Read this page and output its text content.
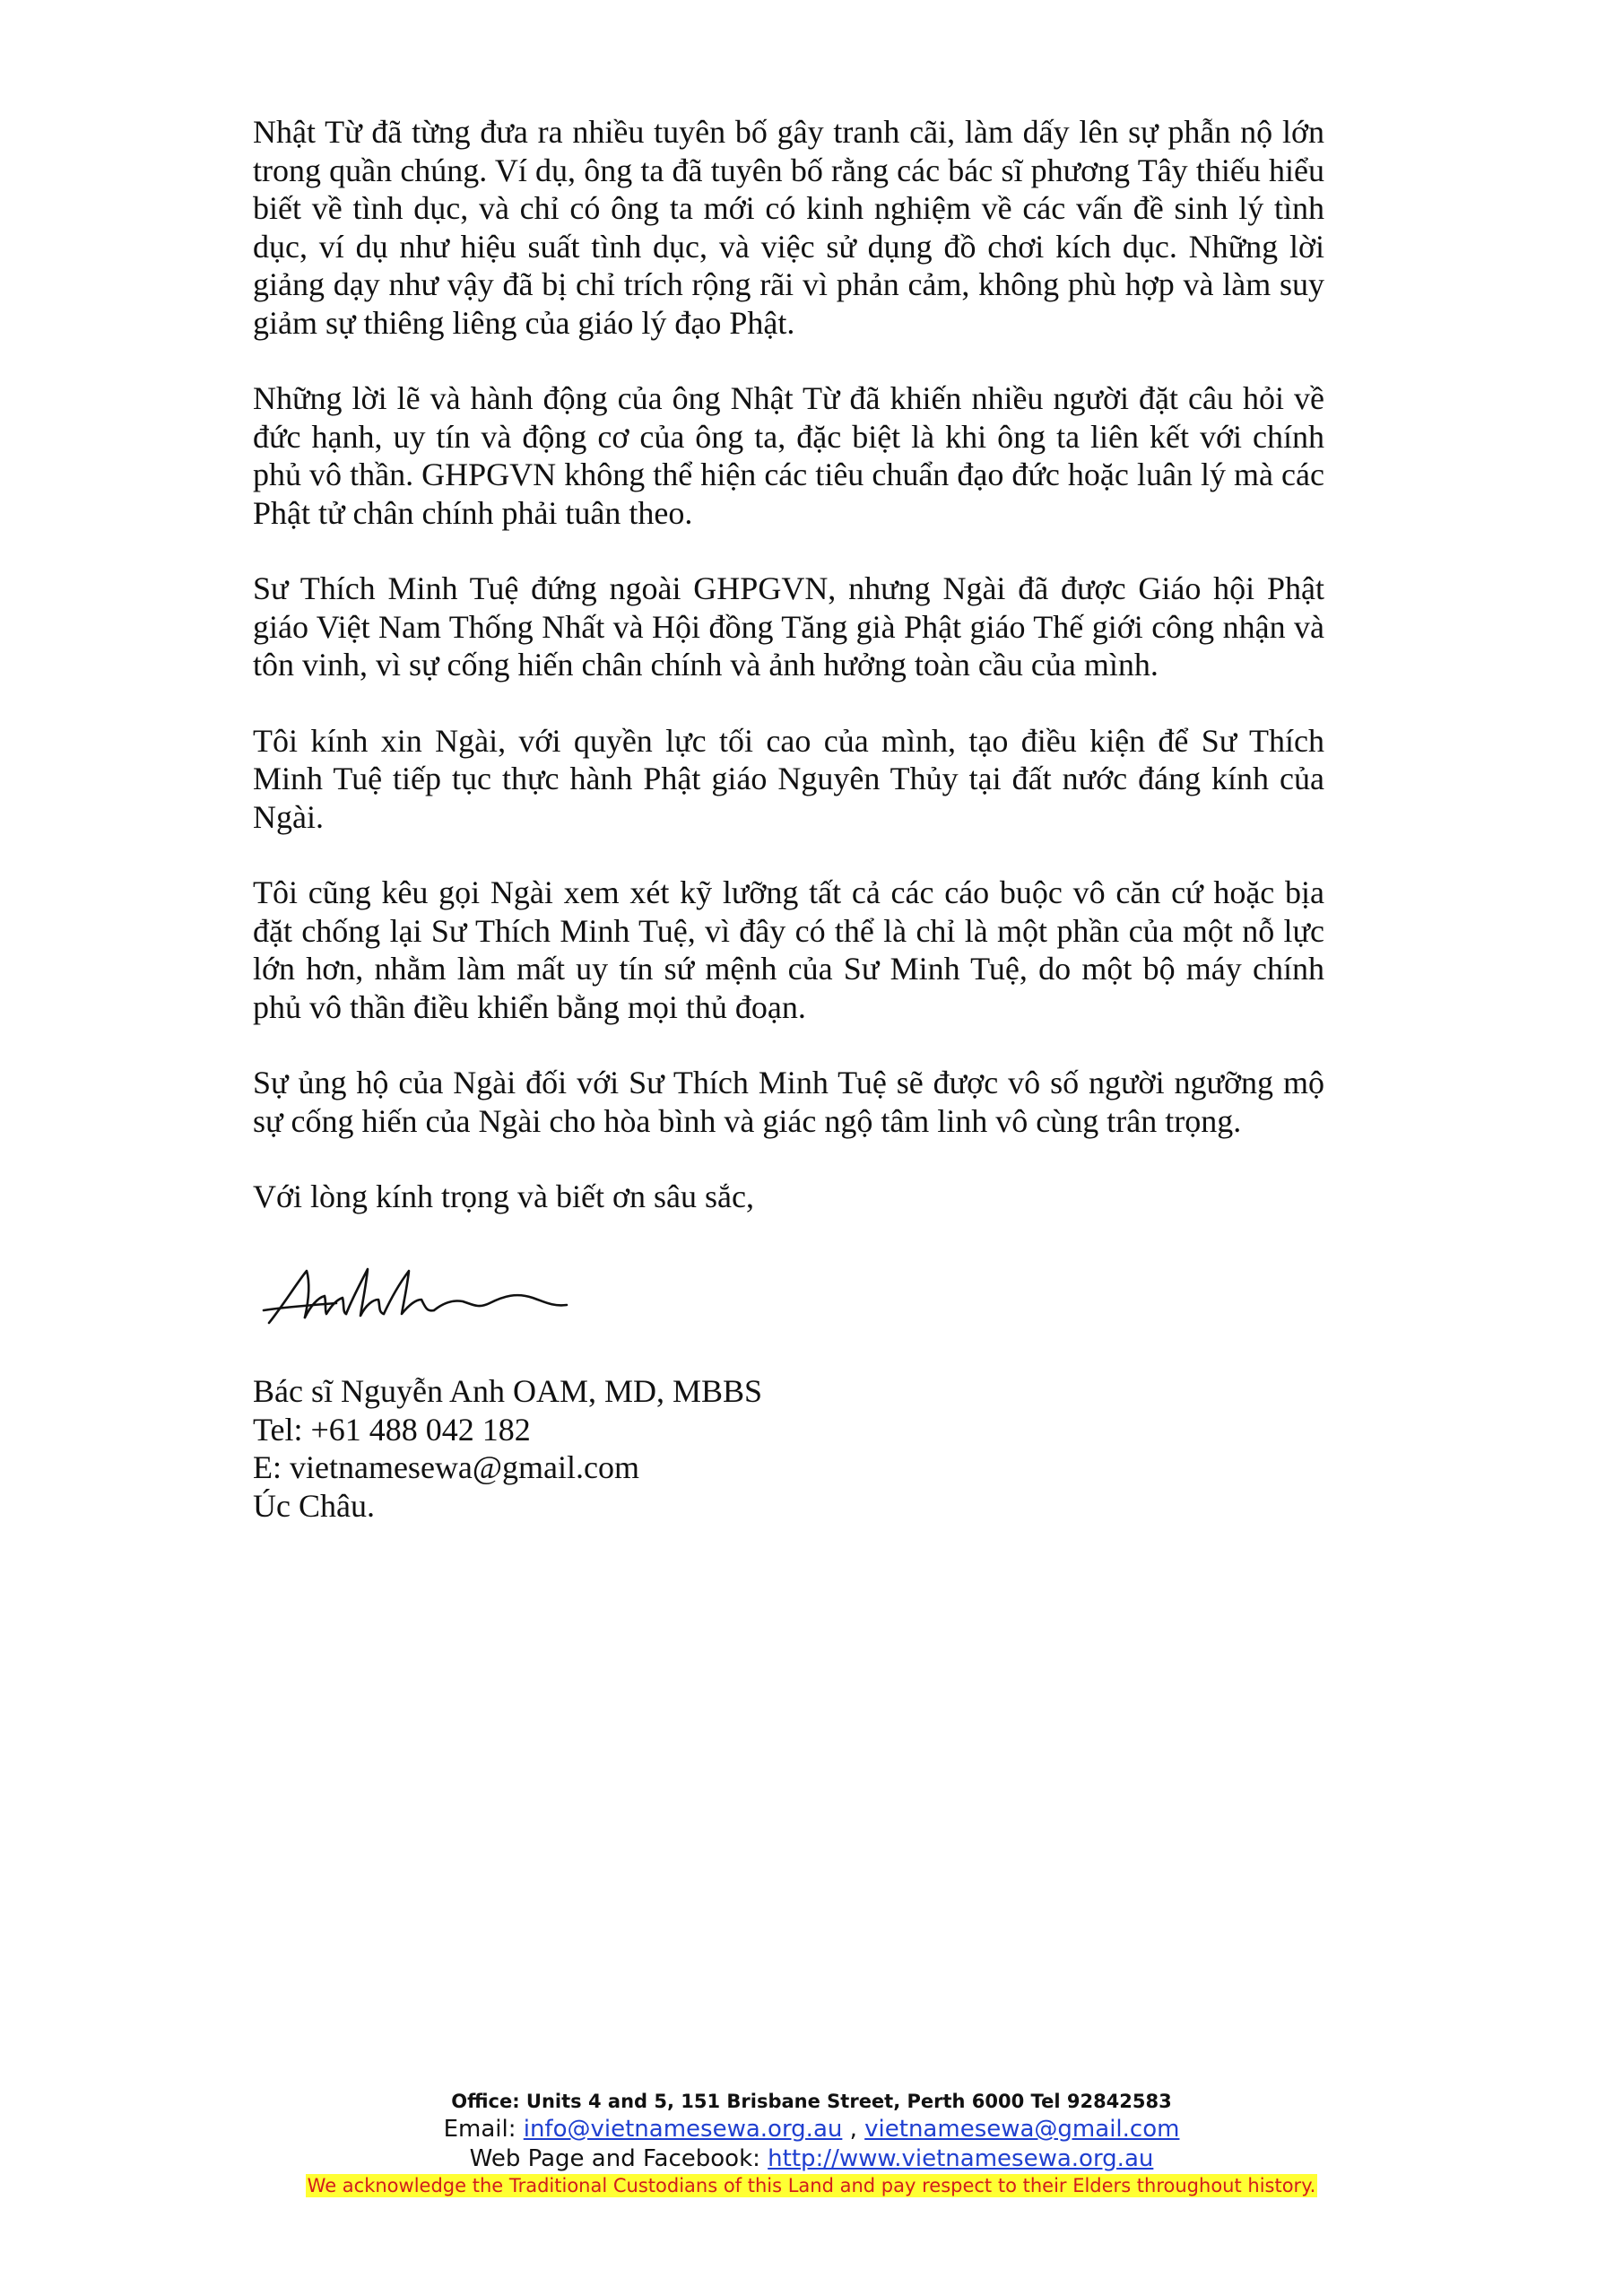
Nhật Từ đã từng đưa ra nhiều tuyên bố gây tranh cãi, làm dấy lên sự phẫn nộ lớn trong quần chúng. Ví dụ, ông ta đã tuyên bố rằng các bác sĩ phương Tây thiếu hiểu biết về tình dục, và chỉ có ông ta mới có kinh nghiệm về các vấn đề sinh lý tình dục, ví dụ như hiệu suất tình dục, và việc sử dụng đồ chơi kích dục. Những lời giảng dạy như vậy đã bị chỉ trích rộng rãi vì phản cảm, không phù hợp và làm suy giảm sự thiêng liêng của giáo lý đạo Phật.

Những lời lẽ và hành động của ông Nhật Từ đã khiến nhiều người đặt câu hỏi về đức hạnh, uy tín và động cơ của ông ta, đặc biệt là khi ông ta liên kết với chính phủ vô thần. GHPGVN không thể hiện các tiêu chuẩn đạo đức hoặc luân lý mà các Phật tử chân chính phải tuân theo.

Sư Thích Minh Tuệ đứng ngoài GHPGVN, nhưng Ngài đã được Giáo hội Phật giáo Việt Nam Thống Nhất và Hội đồng Tăng già Phật giáo Thế giới công nhận và tôn vinh, vì sự cống hiến chân chính và ảnh hưởng toàn cầu của mình.

Tôi kính xin Ngài, với quyền lực tối cao của mình, tạo điều kiện để Sư Thích Minh Tuệ tiếp tục thực hành Phật giáo Nguyên Thủy tại đất nước đáng kính của Ngài.

Tôi cũng kêu gọi Ngài xem xét kỹ lưỡng tất cả các cáo buộc vô căn cứ hoặc bịa đặt chống lại Sư Thích Minh Tuệ, vì đây có thể là chỉ là một phần của một nỗ lực lớn hơn, nhằm làm mất uy tín sứ mệnh của Sư Minh Tuệ, do một bộ máy chính phủ vô thần điều khiển bằng mọi thủ đoạn.

Sự ủng hộ của Ngài đối với Sư Thích Minh Tuệ sẽ được vô số người ngưỡng mộ sự cống hiến của Ngài cho hòa bình và giác ngộ tâm linh vô cùng trân trọng.

Với lòng kính trọng và biết ơn sâu sắc,

Bác sĩ Nguyễn Anh OAM, MD, MBBS
Tel: +61 488 042 182
E: vietnamesewa@gmail.com
Úc Châu.
Office: Units 4 and 5, 151 Brisbane Street, Perth 6000 Tel 92842583
Email: info@vietnamesewa.org.au , vietnamesewa@gmail.com
Web Page and Facebook: http://www.vietnamesewa.org.au
We acknowledge the Traditional Custodians of this Land and pay respect to their Elders throughout history.
